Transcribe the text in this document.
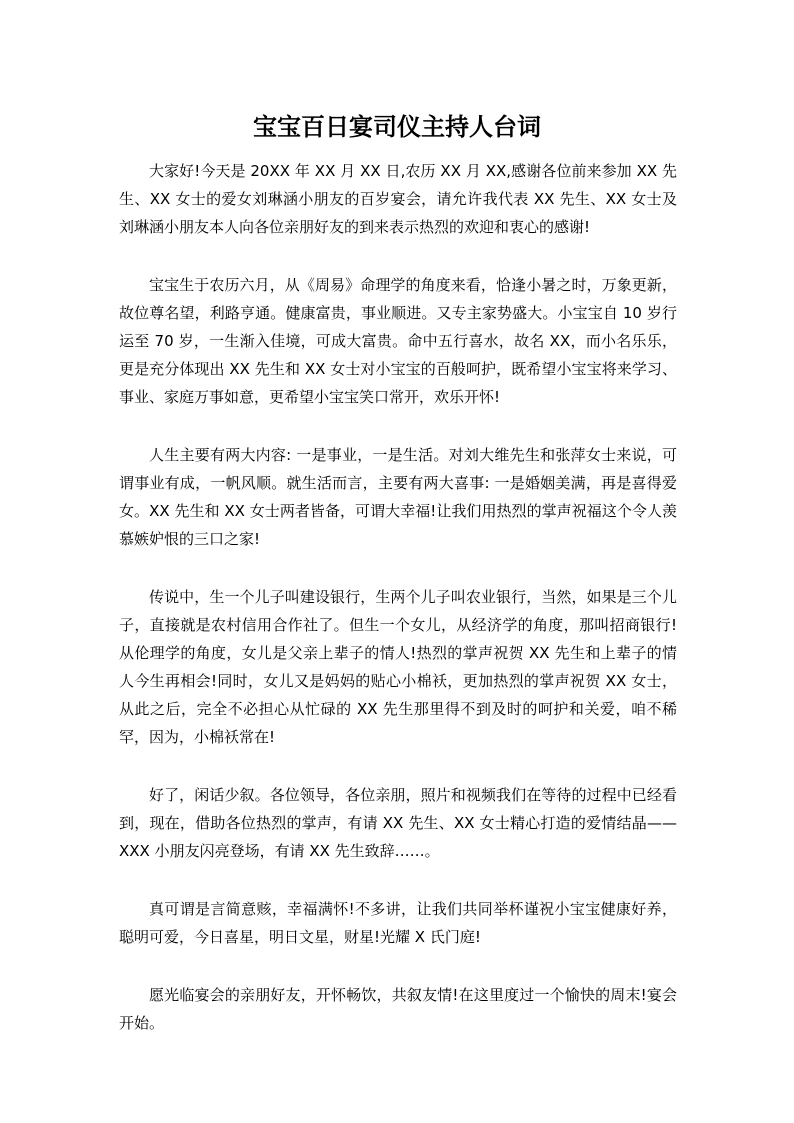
宝宝百日宴司仪主持人台词

大家好!今天是 20XX 年 XX 月 XX 日,农历 XX 月 XX,感谢各位前来参加 XX 先生、XX 女士的爱女刘琳涵小朋友的百岁宴会，请允许我代表 XX 先生、XX 女士及刘琳涵小朋友本人向各位亲朋好友的到来表示热烈的欢迎和衷心的感谢!

宝宝生于农历六月，从《周易》命理学的角度来看，恰逢小暑之时，万象更新，故位尊名望，利路亨通。健康富贵，事业顺进。又专主家势盛大。小宝宝自 10 岁行运至 70 岁，一生渐入佳境，可成大富贵。命中五行喜水，故名 XX，而小名乐乐，更是充分体现出 XX 先生和 XX 女士对小宝宝的百般呵护，既希望小宝宝将来学习、事业、家庭万事如意，更希望小宝宝笑口常开，欢乐开怀!

人生主要有两大内容: 一是事业，一是生活。对刘大维先生和张萍女士来说，可谓事业有成，一帆风顺。就生活而言，主要有两大喜事: 一是婚姻美满，再是喜得爱女。XX 先生和 XX 女士两者皆备，可谓大幸福!让我们用热烈的掌声祝福这个令人羡慕嫉妒恨的三口之家!

传说中，生一个儿子叫建设银行，生两个儿子叫农业银行，当然，如果是三个儿子，直接就是农村信用合作社了。但生一个女儿，从经济学的角度，那叫招商银行!从伦理学的角度，女儿是父亲上辈子的情人!热烈的掌声祝贺 XX 先生和上辈子的情人今生再相会!同时，女儿又是妈妈的贴心小棉袄，更加热烈的掌声祝贺 XX 女士，从此之后，完全不必担心从忙碌的 XX 先生那里得不到及时的呵护和关爱，咱不稀罕，因为，小棉袄常在!

好了，闲话少叙。各位领导，各位亲朋，照片和视频我们在等待的过程中已经看到，现在，借助各位热烈的掌声，有请 XX 先生、XX 女士精心打造的爱情结晶——XXX 小朋友闪亮登场，有请 XX 先生致辞……。

真可谓是言简意赅，幸福满怀!不多讲，让我们共同举杯谨祝小宝宝健康好养，聪明可爱，今日喜星，明日文星，财星!光耀 X 氏门庭!

愿光临宴会的亲朋好友，开怀畅饮，共叙友情!在这里度过一个愉快的周末!宴会开始。
